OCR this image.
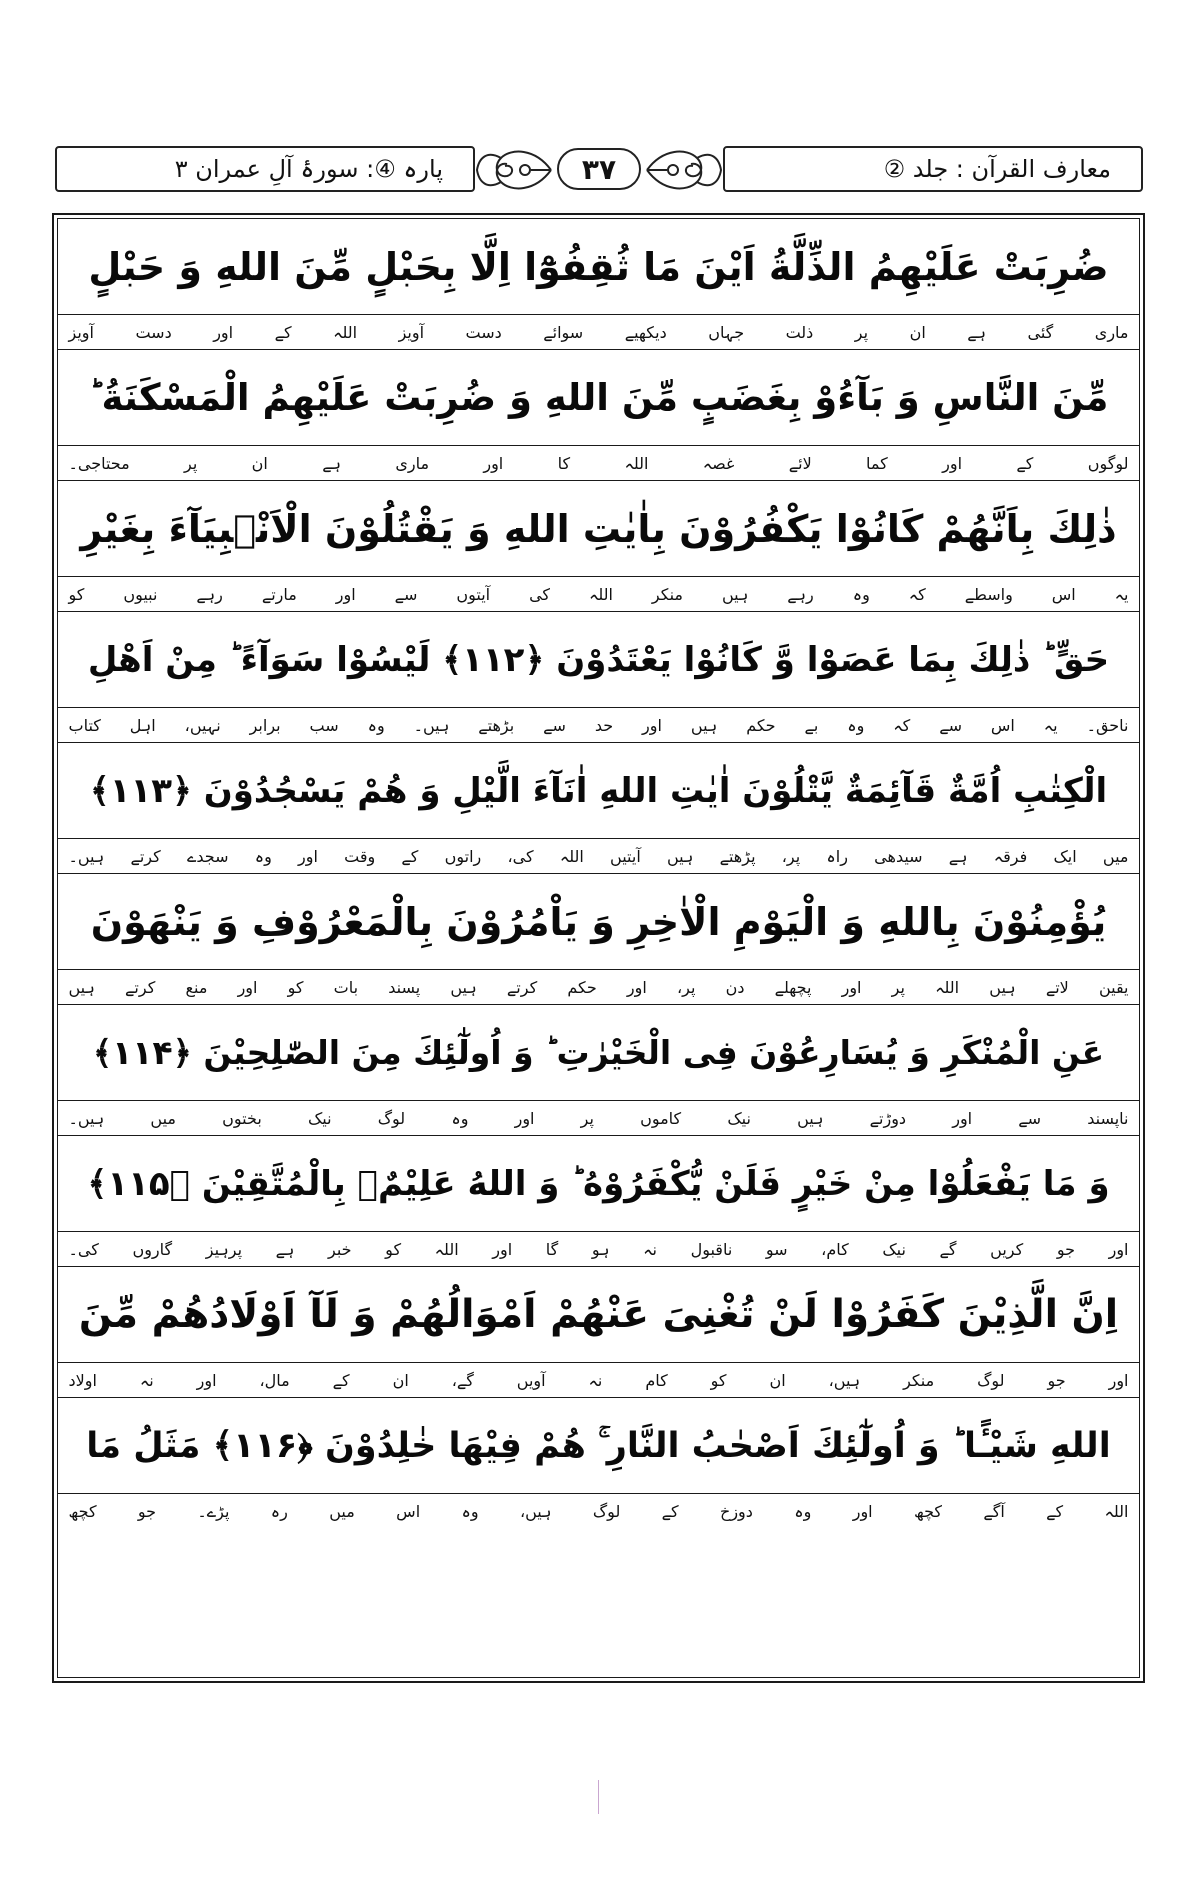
پارہ ④: سورۂ آلِ عمران ۳	۳۷	معارف القرآن : جلد ②
ضُرِبَتْ عَلَيْهِمُ الذِّلَّةُ اَيْنَ مَا ثُقِفُوْٓا اِلَّا بِحَبْلٍ مِّنَ اللهِ وَ حَبْلٍ
ماری گئی ہے ان پر ذلت جہاں دیکھیے سوائے دست آویز اللہ کے اور دست آویز
مِّنَ النَّاسِ وَ بَآءُوْ بِغَضَبٍ مِّنَ اللهِ وَ ضُرِبَتْ عَلَيْهِمُ الْمَسْكَنَةُ ؕ
لوگوں کے اور کما لائے غصہ اللہ کا اور ماری ہے ان پر محتاجی۔
ذٰلِكَ بِاَنَّهُمْ كَانُوْا يَكْفُرُوْنَ بِاٰيٰتِ اللهِ وَ يَقْتُلُوْنَ الْاَنْۢبِيَآءَ بِغَيْرِ
یہ اس واسطے کہ وہ رہے ہیں منکر اللہ کی آیتوں سے اور مارتے رہے نبیوں کو
حَقٍّ ؕ ذٰلِكَ بِمَا عَصَوْا وَّ كَانُوْا يَعْتَدُوْنَ ﴿۱۱۲﴾ لَيْسُوْا سَوَآءً ؕ مِنْ اَهْلِ
ناحق۔ یہ اس سے کہ وہ بے حکم ہیں اور حد سے بڑھتے ہیں۔ وہ سب برابر نہیں، اہل کتاب
الْكِتٰبِ اُمَّةٌ قَآئِمَةٌ يَّتْلُوْنَ اٰيٰتِ اللهِ اٰنَآءَ الَّيْلِ وَ هُمْ يَسْجُدُوْنَ ﴿۱۱۳﴾
میں ایک فرقہ ہے سیدھی راہ پر، پڑھتے ہیں آیتیں اللہ کی، راتوں کے وقت اور وہ سجدے کرتے ہیں۔
يُؤْمِنُوْنَ بِاللهِ وَ الْيَوْمِ الْاٰخِرِ وَ يَاْمُرُوْنَ بِالْمَعْرُوْفِ وَ يَنْهَوْنَ
یقین لاتے ہیں اللہ پر اور پچھلے دن پر، اور حکم کرتے ہیں پسند بات کو اور منع کرتے ہیں
عَنِ الْمُنْكَرِ وَ يُسَارِعُوْنَ فِى الْخَيْرٰتِ ؕ وَ اُولٰٓئِكَ مِنَ الصّٰلِحِيْنَ ﴿۱۱۴﴾
ناپسند سے اور دوڑتے ہیں نیک کاموں پر اور وہ لوگ نیک بختوں میں ہیں۔
وَ مَا يَفْعَلُوْا مِنْ خَيْرٍ فَلَنْ يُّكْفَرُوْهُ ؕ وَ اللهُ عَلِيْمٌۢ بِالْمُتَّقِيْنَ ﴿۱۱۵﴾
اور جو کریں گے نیک کام، سو ناقبول نہ ہو گا اور اللہ کو خبر ہے پرہیز گاروں کی۔
اِنَّ الَّذِيْنَ كَفَرُوْا لَنْ تُغْنِىَ عَنْهُمْ اَمْوَالُهُمْ وَ لَآ اَوْلَادُهُمْ مِّنَ
اور جو لوگ منکر ہیں، ان کو کام نہ آویں گے، ان کے مال، اور نہ اولاد
اللهِ شَيْـًٔا ؕ وَ اُولٰٓئِكَ اَصْحٰبُ النَّارِ ۚ هُمْ فِيْهَا خٰلِدُوْنَ ﴿۱۱۶﴾ مَثَلُ مَا
اللہ کے آگے کچھ اور وہ دوزخ کے لوگ ہیں، وہ اس میں رہ پڑے۔ جو کچھ
